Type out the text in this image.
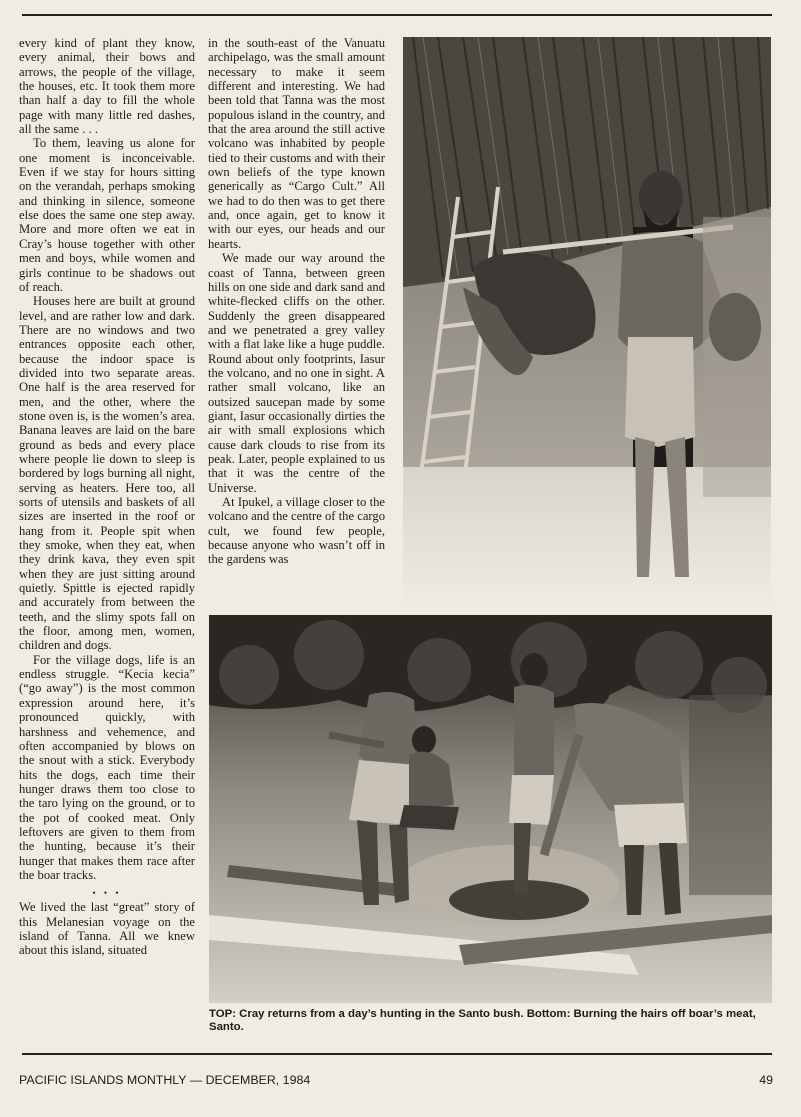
every kind of plant they know, every animal, their bows and arrows, the people of the village, the houses, etc. It took them more than half a day to fill the whole page with many little red dashes, all the same . . .

To them, leaving us alone for one moment is inconceivable. Even if we stay for hours sitting on the verandah, perhaps smoking and thinking in silence, someone else does the same one step away. More and more often we eat in Cray’s house together with other men and boys, while women and girls continue to be shadows out of reach.

Houses here are built at ground level, and are rather low and dark. There are no windows and two entrances opposite each other, because the indoor space is divided into two separate areas. One half is the area reserved for men, and the other, where the stone oven is, is the women’s area. Banana leaves are laid on the bare ground as beds and every place where people lie down to sleep is bordered by logs burning all night, serving as heaters. Here too, all sorts of utensils and baskets of all sizes are inserted in the roof or hang from it. People spit when they smoke, when they eat, when they drink kava, they even spit when they are just sitting around quietly. Spittle is ejected rapidly and accurately from between the teeth, and the slimy spots fall on the floor, among men, women, children and dogs.

For the village dogs, life is an endless struggle. “Kecia kecia” (“go away”) is the most common expression around here, it’s pronounced quickly, with harshness and vehemence, and often accompanied by blows on the snout with a stick. Everybody hits the dogs, each time their hunger draws them too close to the taro lying on the ground, or to the pot of cooked meat. Only leftovers are given to them from the hunting, because it’s their hunger that makes them race after the boar tracks.

• • •

We lived the last “great” story of this Melanesian voyage on the island of Tanna. All we knew about this island, situated

in the south-east of the Vanuatu archipelago, was the small amount necessary to make it seem different and interesting. We had been told that Tanna was the most populous island in the country, and that the area around the still active volcano was inhabited by people tied to their customs and with their own beliefs of the type known generically as “Cargo Cult.” All we had to do then was to get there and, once again, get to know it with our eyes, our heads and our hearts.

We made our way around the coast of Tanna, between green hills on one side and dark sand and white-flecked cliffs on the other. Suddenly the green disappeared and we penetrated a grey valley with a flat lake like a huge puddle. Round about only footprints, Iasur the volcano, and no one in sight. A rather small volcano, like an outsized saucepan made by some giant, Iasur occasionally dirties the air with small explosions which cause dark clouds to rise from its peak. Later, people explained to us that it was the centre of the Universe.

At Ipukel, a village closer to the volcano and the centre of the cargo cult, we found few people, because anyone who wasn’t off in the gardens was

TOP: Cray returns from a day’s hunting in the Santo bush. Bottom: Burning the hairs off boar’s meat, Santo.
PACIFIC ISLANDS MONTHLY — DECEMBER, 1984	49
